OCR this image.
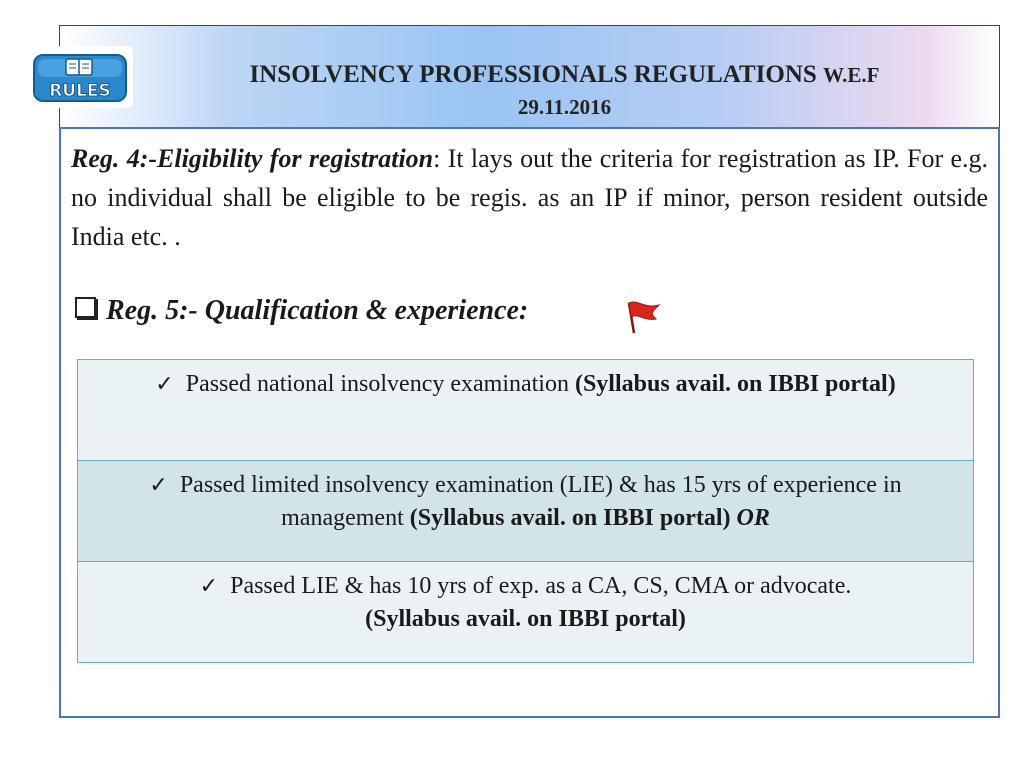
RULES
INSOLVENCY PROFESSIONALS REGULATIONS W.E.F
29.11.2016
Reg. 4:-Eligibility for registration: It lays out the criteria for registration as IP. For e.g. no individual shall be eligible to be regis. as an IP if minor, person resident outside India etc. .
Reg. 5:- Qualification & experience:
✓ Passed national insolvency examination (Syllabus avail. on IBBI portal)
✓ Passed limited insolvency examination (LIE) & has 15 yrs of experience in management (Syllabus avail. on IBBI portal) OR
✓ Passed LIE & has 10 yrs of exp. as a CA, CS, CMA or advocate.
(Syllabus avail. on IBBI portal)
